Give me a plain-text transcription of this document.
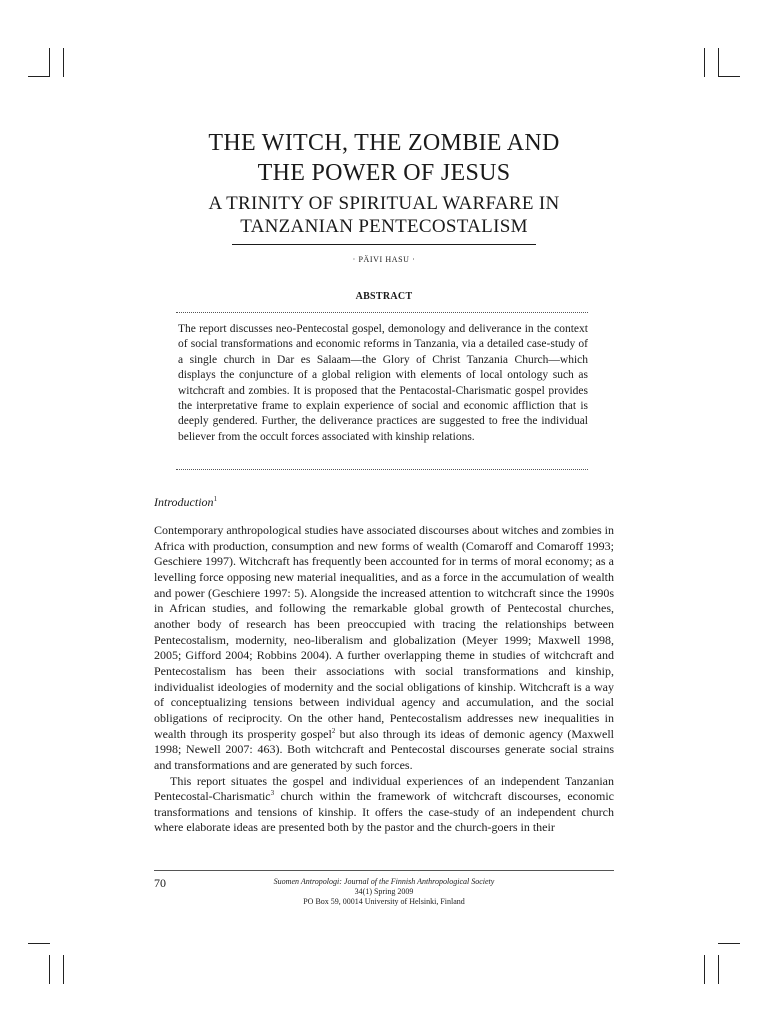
THE WITCH, THE ZOMBIE AND
THE POWER OF JESUS
A TRINITY OF SPIRITUAL WARFARE IN
TANZANIAN PENTECOSTALISM
· PÄIVI HASU ·
ABSTRACT
The report discusses neo-Pentecostal gospel, demonology and deliverance in the context of social transformations and economic reforms in Tanzania, via a detailed case-study of a single church in Dar es Salaam—the Glory of Christ Tanzania Church—which displays the conjuncture of a global religion with elements of local ontology such as witchcraft and zombies. It is proposed that the Pentacostal-Charismatic gospel provides the interpretative frame to explain experience of social and economic affliction that is deeply gendered. Further, the deliverance practices are suggested to free the individual believer from the occult forces associated with kinship relations.
Introduction$^1$

Contemporary anthropological studies have associated discourses about witches and zombies in Africa with production, consumption and new forms of wealth (Comaroff and Comaroff 1993; Geschiere 1997). Witchcraft has frequently been accounted for in terms of moral economy; as a levelling force opposing new material inequalities, and as a force in the accumulation of wealth and power (Geschiere 1997: 5). Alongside the increased attention to witchcraft since the 1990s in African studies, and following the remarkable global growth of Pentecostal churches, another body of research has been preoccupied with tracing the relationships between Pentecostalism, modernity, neo-liberalism and globalization (Meyer 1999; Maxwell 1998, 2005; Gifford 2004; Robbins 2004). A further overlapping theme in studies of witchcraft and Pentecostalism has been their associations with social transformations and kinship, individualist ideologies of modernity and the social obligations of kinship. Witchcraft is a way of conceptualizing tensions between individual agency and accumulation, and the social obligations of reciprocity. On the other hand, Pentecostalism addresses new inequalities in wealth through its prosperity gospel$^2$ but also through its ideas of demonic agency (Maxwell 1998; Newell 2007: 463). Both witchcraft and Pentecostal discourses generate social strains and transformations and are generated by such forces.

This report situates the gospel and individual experiences of an independent Tanzanian Pentecostal-Charismatic$^3$ church within the framework of witchcraft discourses, economic transformations and tensions of kinship. It offers the case-study of an independent church where elaborate ideas are presented both by the pastor and the church-goers in their

70	Suomen Antropologi: Journal of the Finnish Anthropological Society
34(1) Spring 2009
PO Box 59, 00014 University of Helsinki, Finland
